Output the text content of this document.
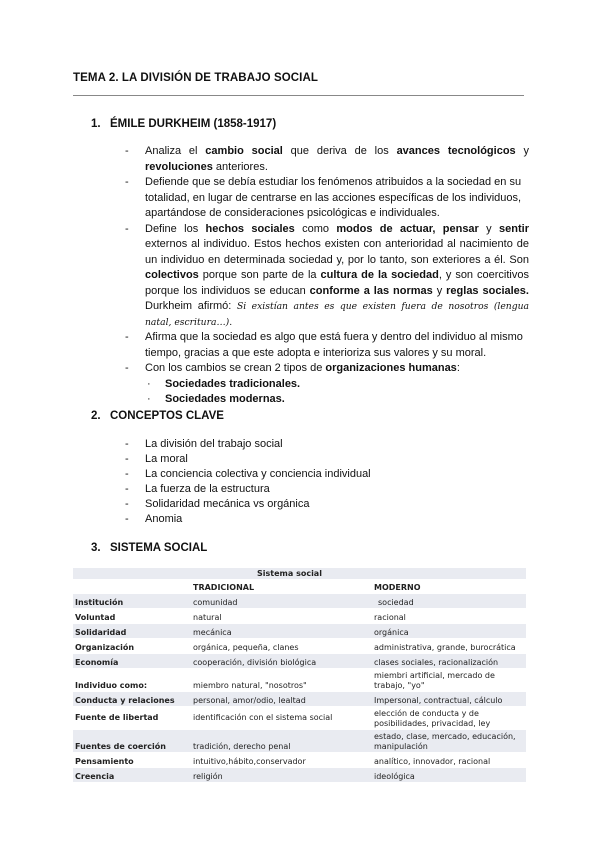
TEMA 2. LA DIVISIÓN DE TRABAJO SOCIAL
1. ÉMILE DURKHEIM (1858-1917)
- Analiza el cambio social que deriva de los avances tecnológicos y revoluciones anteriores.
- Defiende que se debía estudiar los fenómenos atribuidos a la sociedad en su totalidad, en lugar de centrarse en las acciones específicas de los individuos, apartándose de consideraciones psicológicas e individuales.
- Define los hechos sociales como modos de actuar, pensar y sentir externos al individuo. Estos hechos existen con anterioridad al nacimiento de un individuo en determinada sociedad y, por lo tanto, son exteriores a él. Son colectivos porque son parte de la cultura de la sociedad, y son coercitivos porque los individuos se educan conforme a las normas y reglas sociales. Durkheim afirmó: Si existían antes es que existen fuera de nosotros (lengua natal, escritura…).
- Afirma que la sociedad es algo que está fuera y dentro del individuo al mismo tiempo, gracias a que este adopta e interioriza sus valores y su moral.
- Con los cambios se crean 2 tipos de organizaciones humanas:
· Sociedades tradicionales.
· Sociedades modernas.
2. CONCEPTOS CLAVE
- La división del trabajo social
- La moral
- La conciencia colectiva y conciencia individual
- La fuerza de la estructura
- Solidaridad mecánica vs orgánica
- Anomia
3. SISTEMA SOCIAL
	Sistema social	
	TRADICIONAL	MODERNO
Institución	comunidad	sociedad
Voluntad	natural	racional
Solidaridad	mecánica	orgánica
Organización	orgánica, pequeña, clanes	administrativa, grande, burocrática
Economía	cooperación, división biológica	clases sociales, racionalización
Individuo como:	miembro natural, "nosotros"	miembri artificial, mercado de trabajo, "yo"
Conducta y relaciones	personal, amor/odio, lealtad	Impersonal, contractual, cálculo
Fuente de libertad	identificación con el sistema social	elección de conducta y de posibilidades, privacidad, ley
Fuentes de coerción	tradición, derecho penal	estado, clase, mercado, educación, manipulación
Pensamiento	intuitivo,hábito,conservador	analítico, innovador, racional
Creencia	religión	ideológica
